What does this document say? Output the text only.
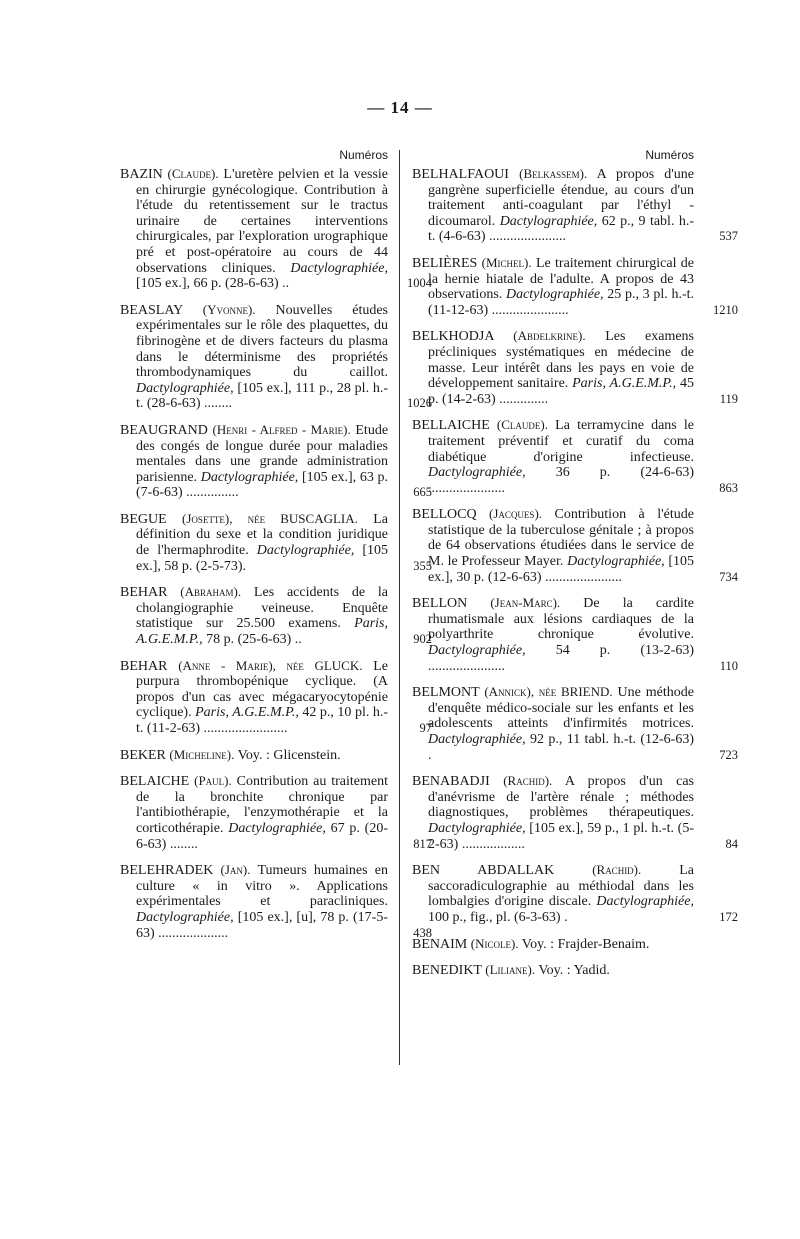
— 14 —
Numéros
BAZIN (Claude). L'uretère pelvien et la vessie en chirurgie gynécologique. Contribution à l'étude du retentissement sur le tractus urinaire de certaines interventions chirurgicales, par l'exploration urographique pré et post-opératoire au cours de 44 observations cliniques. Dactylographiée, [105 ex.], 66 p. (28-6-63) ..	1004
BEASLAY (Yvonne). Nouvelles études expérimentales sur le rôle des plaquettes, du fibrinogène et de divers facteurs du plasma dans le déterminisme des propriétés thrombodynamiques du caillot. Dactylographiée, [105 ex.], 111 p., 28 pl. h.-t. (28-6-63) ........	1026
BEAUGRAND (Henri - Alfred - Marie). Etude des congés de longue durée pour maladies mentales dans une grande administration parisienne. Dactylographiée, [105 ex.], 63 p. (7-6-63) ...............	665
BEGUE (Josette), née BUSCAGLIA. La définition du sexe et la condition juridique de l'hermaphrodite. Dactylographiée, [105 ex.], 58 p. (2-5-73).	355
BEHAR (Abraham). Les accidents de la cholangiographie veineuse. Enquête statistique sur 25.500 examens. Paris, A.G.E.M.P., 78 p. (25-6-63) ..	902
BEHAR (Anne - Marie), née GLUCK. Le purpura thrombopénique cyclique. (A propos d'un cas avec mégacaryocytopénie cyclique). Paris, A.G.E.M.P., 42 p., 10 pl. h.-t. (11-2-63) ........................	97
BEKER (Micheline). Voy. : Glicenstein.
BELAICHE (Paul). Contribution au traitement de la bronchite chronique par l'antibiothérapie, l'enzymothérapie et la corticothérapie. Dactylographiée, 67 p. (20-6-63) ........	817
BELEHRADEK (Jan). Tumeurs humaines en culture « in vitro ». Applications expérimentales et paracliniques. Dactylographiée, [105 ex.], [u], 78 p. (17-5-63) ....................	438
Numéros
BELHALFAOUI (Belkassem). A propos d'une gangrène superficielle étendue, au cours d'un traitement anti-coagulant par l'éthyl - dicoumarol. Dactylographiée, 62 p., 9 tabl. h.-t. (4-6-63) ......................	537
BELIÈRES (Michel). Le traitement chirurgical de la hernie hiatale de l'adulte. A propos de 43 observations. Dactylographiée, 25 p., 3 pl. h.-t. (11-12-63) ......................	1210
BELKHODJA (Abdelkrine). Les examens précliniques systématiques en médecine de masse. Leur intérêt dans les pays en voie de développement sanitaire. Paris, A.G.E.M.P., 45 p. (14-2-63) ..............	119
BELLAICHE (Claude). La terramycine dans le traitement préventif et curatif du coma diabétique d'origine infectieuse. Dactylographiée, 36 p. (24-6-63) ......................	863
BELLOCQ (Jacques). Contribution à l'étude statistique de la tuberculose génitale ; à propos de 64 observations étudiées dans le service de M. le Professeur Mayer. Dactylographiée, [105 ex.], 30 p. (12-6-63) ......................	734
BELLON (Jean-Marc). De la cardite rhumatismale aux lésions cardiaques de la polyarthrite chronique évolutive. Dactylographiée, 54 p. (13-2-63) ......................	110
BELMONT (Annick), née BRIEND. Une méthode d'enquête médico-sociale sur les enfants et les adolescents atteints d'infirmités motrices. Dactylographiée, 92 p., 11 tabl. h.-t. (12-6-63) .	723
BENABADJI (Rachid). A propos d'un cas d'anévrisme de l'artère rénale ; méthodes diagnostiques, problèmes thérapeutiques. Dactylographiée, [105 ex.], 59 p., 1 pl. h.-t. (5-2-63) ..................	84
BEN ABDALLAK	(Rachid).	La saccoradiculographie au méthiodal dans les lombalgies d'origine discale. Dactylographiée, 100 p., fig., pl. (6-3-63) .	172
BENAIM (Nicole). Voy. : Frajder-Benaim.
BENEDIKT (Liliane). Voy. : Yadid.
